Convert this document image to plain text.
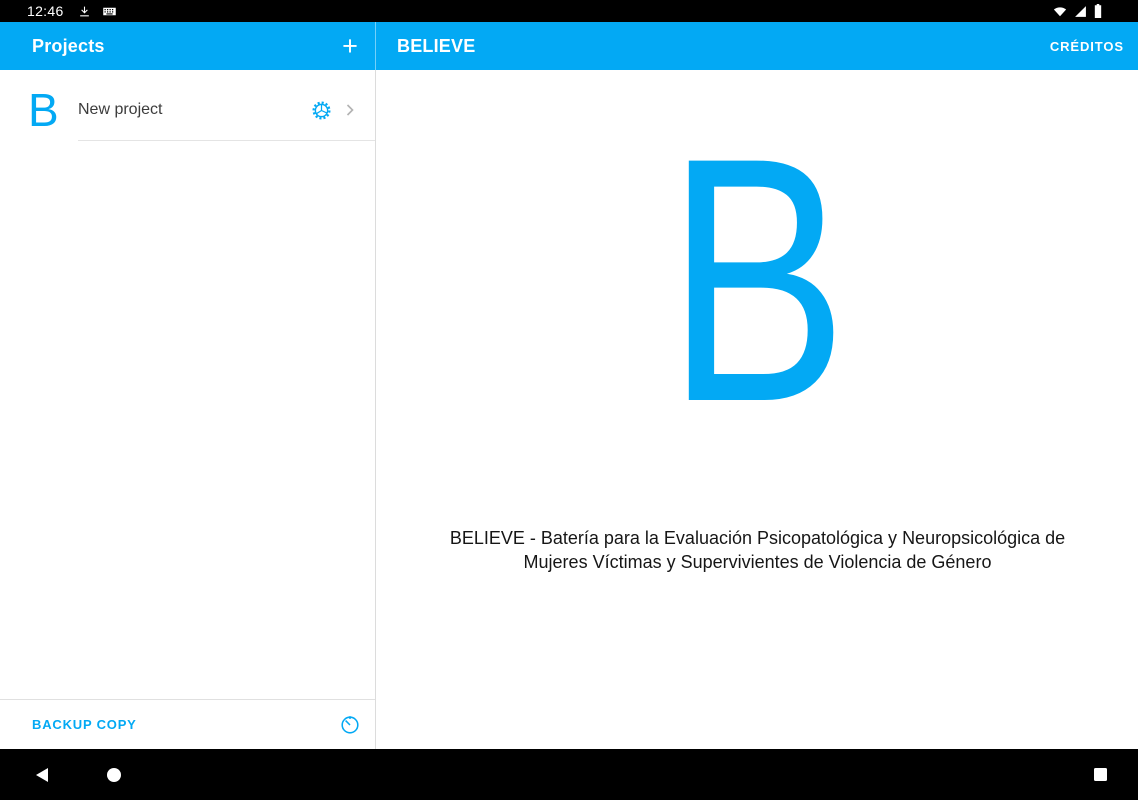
12:46
Projects	+	BELIEVE	CRÉDITOS
B New project
BACKUP COPY
B
BELIEVE - Batería para la Evaluación Psicopatológica y Neuropsicológica de
Mujeres Víctimas y Supervivientes de Violencia de Género
